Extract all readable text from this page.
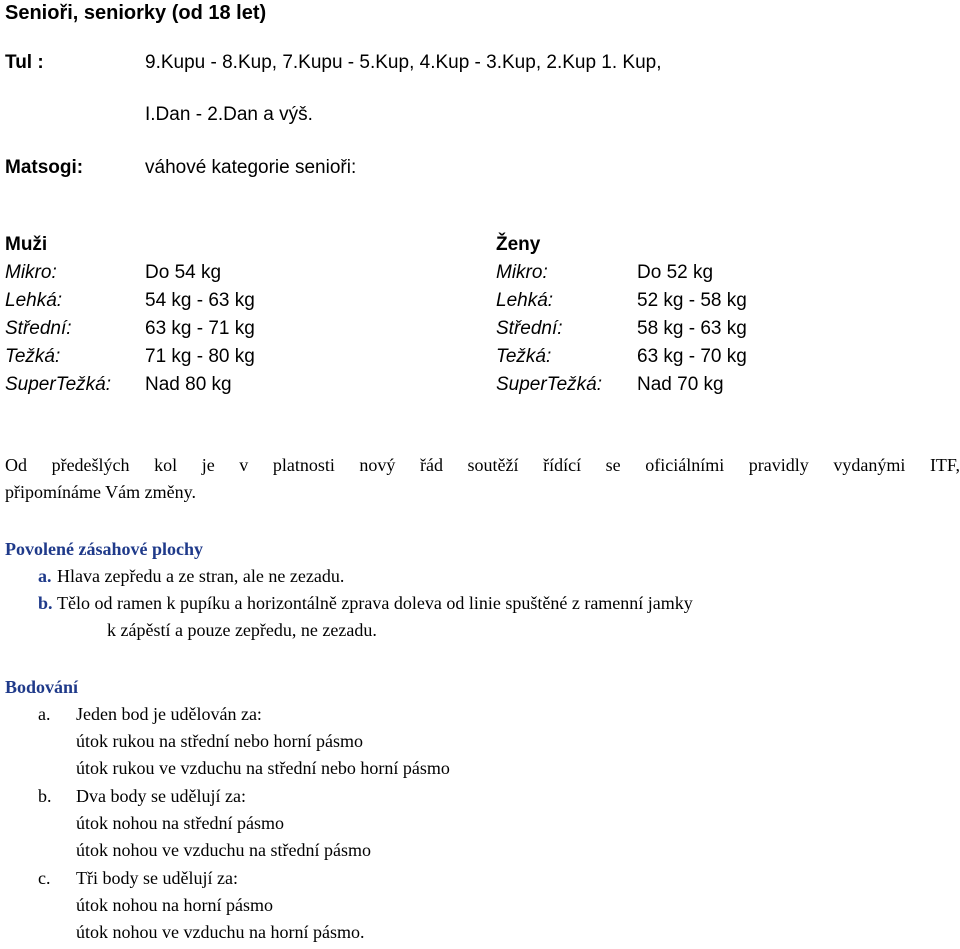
Senioři, seniorky (od 18 let)
Tul :	9.Kupu - 8.Kup, 7.Kupu - 5.Kup, 4.Kup - 3.Kup, 2.Kup 1. Kup,
I.Dan - 2.Dan a výš.
Matsogi:	váhové kategorie senioři:
Muži
Mikro:	Do 54 kg
Lehká:	54 kg - 63 kg
Střední:	63 kg - 71 kg
Težká:	71 kg - 80 kg
SuperTežká: Nad 80 kg
Ženy
Mikro:	Do 52 kg
Lehká:	52 kg - 58 kg
Střední:	58 kg - 63 kg
Težká:	63 kg - 70 kg
SuperTežká: Nad 70 kg
Od předešlých kol je v platnosti nový řád soutěží řídící se oficiálními pravidly vydanými ITF,
připomínáme Vám změny.
Povolené zásahové plochy
a. Hlava zepředu a ze stran, ale ne zezadu.
b. Tělo od ramen k pupíku a horizontálně zprava doleva od linie spuštěné z ramenní jamky
k zápěstí a pouze zepředu, ne zezadu.
Bodování
a. Jeden bod je udělován za:
útok rukou na střední nebo horní pásmo
útok rukou ve vzduchu na střední nebo horní pásmo
b. Dva body se udělují za:
útok nohou na střední pásmo
útok nohou ve vzduchu na střední pásmo
c. Tři body se udělují za:
útok nohou na horní pásmo
útok nohou ve vzduchu na horní pásmo.
